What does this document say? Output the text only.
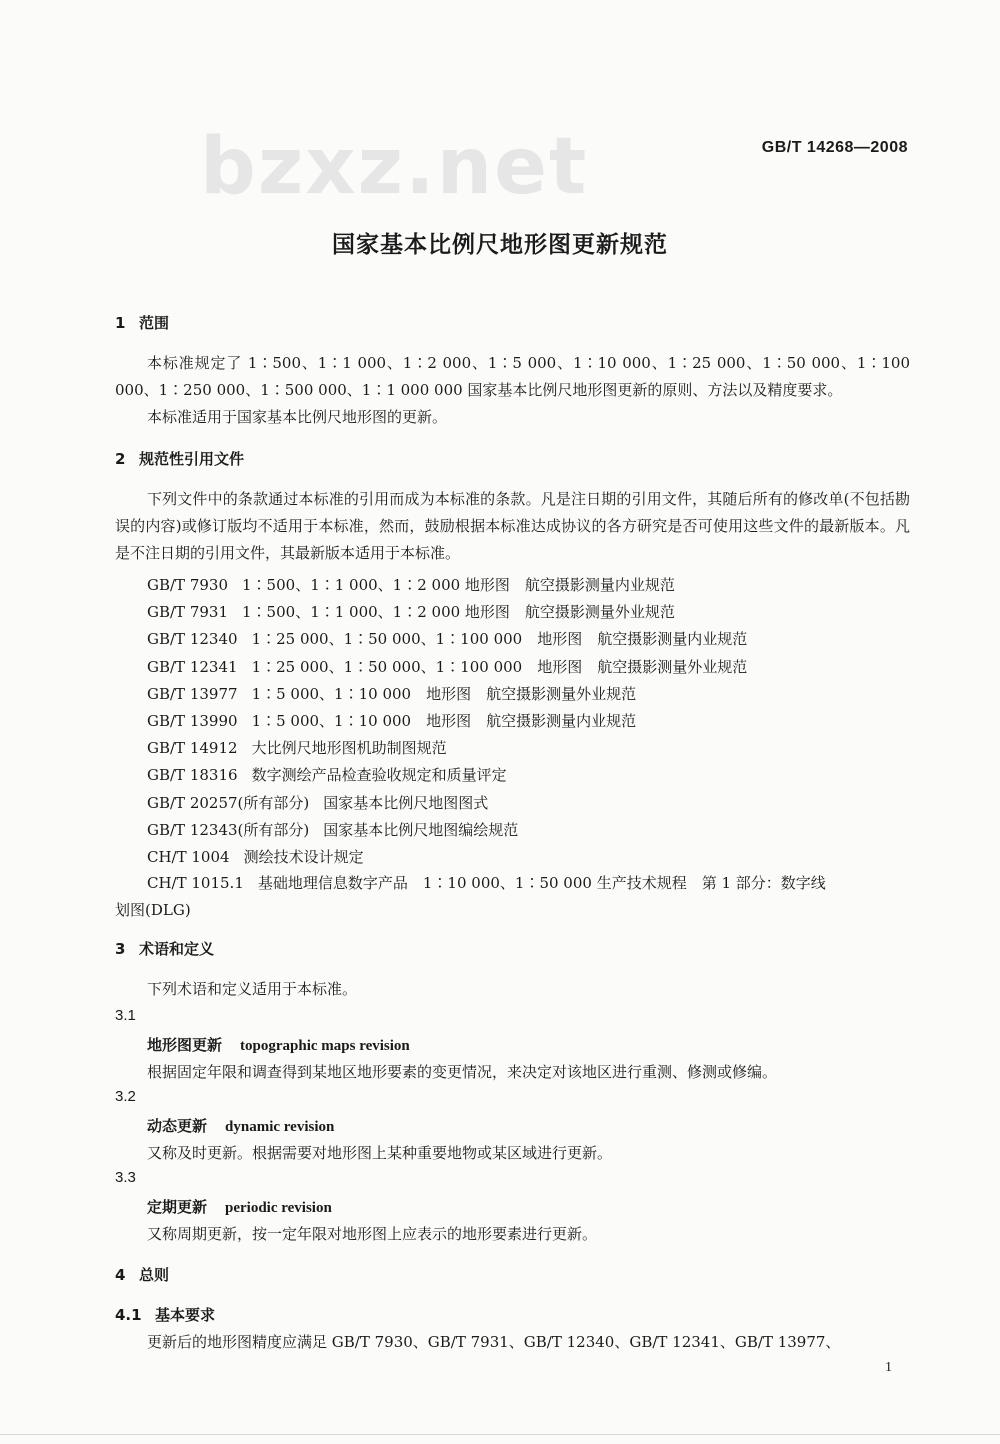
bzxz.net	GB/T 14268—2008
国家基本比例尺地形图更新规范
1 范围
本标准规定了 1∶500、1∶1 000、1∶2 000、1∶5 000、1∶10 000、1∶25 000、1∶50 000、1∶100 000、1∶250 000、1∶500 000、1∶1 000 000 国家基本比例尺地形图更新的原则、方法以及精度要求。
本标准适用于国家基本比例尺地形图的更新。
2 规范性引用文件
下列文件中的条款通过本标准的引用而成为本标准的条款。凡是注日期的引用文件，其随后所有的修改单(不包括勘误的内容)或修订版均不适用于本标准，然而，鼓励根据本标准达成协议的各方研究是否可使用这些文件的最新版本。凡是不注日期的引用文件，其最新版本适用于本标准。
GB/T 7930 1∶500、1∶1 000、1∶2 000 地形图　航空摄影测量内业规范
GB/T 7931 1∶500、1∶1 000、1∶2 000 地形图　航空摄影测量外业规范
GB/T 12340 1∶25 000、1∶50 000、1∶100 000　地形图　航空摄影测量内业规范
GB/T 12341 1∶25 000、1∶50 000、1∶100 000　地形图　航空摄影测量外业规范
GB/T 13977 1∶5 000、1∶10 000　地形图　航空摄影测量外业规范
GB/T 13990 1∶5 000、1∶10 000　地形图　航空摄影测量内业规范
GB/T 14912 大比例尺地形图机助制图规范
GB/T 18316 数字测绘产品检查验收规定和质量评定
GB/T 20257(所有部分) 国家基本比例尺地图图式
GB/T 12343(所有部分) 国家基本比例尺地图编绘规范
CH/T 1004 测绘技术设计规定
CH/T 1015.1 基础地理信息数字产品　1∶10 000、1∶50 000 生产技术规程　第 1 部分：数字线
划图(DLG)
3 术语和定义
下列术语和定义适用于本标准。
3.1
地形图更新 topographic maps revision
根据固定年限和调查得到某地区地形要素的变更情况，来决定对该地区进行重测、修测或修编。
3.2
动态更新 dynamic revision
又称及时更新。根据需要对地形图上某种重要地物或某区域进行更新。
3.3
定期更新 periodic revision
又称周期更新，按一定年限对地形图上应表示的地形要素进行更新。
4 总则
4.1 基本要求
更新后的地形图精度应满足 GB/T 7930、GB/T 7931、GB/T 12340、GB/T 12341、GB/T 13977、
1
